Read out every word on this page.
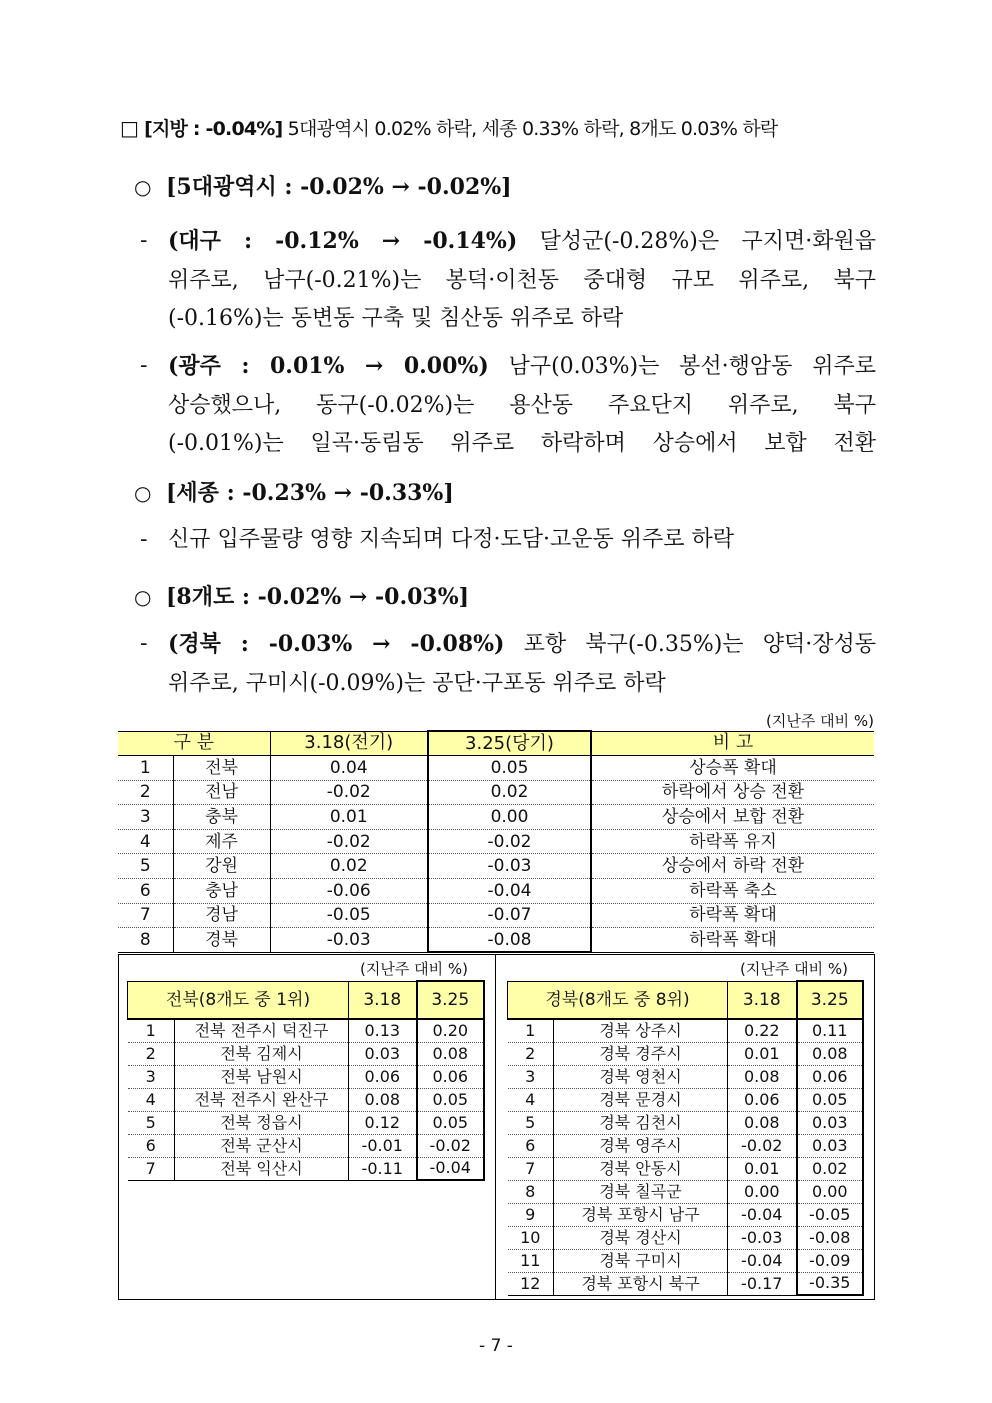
□ [지방 : -0.04%] 5대광역시 0.02% 하락, 세종 0.33% 하락, 8개도 0.03% 하락
○ [5대광역시 : -0.02% → -0.02%]
- (대구 : -0.12% → -0.14%) 달성군(-0.28%)은 구지면·화원읍
위주로, 남구(-0.21%)는 봉덕·이천동 중대형 규모 위주로, 북구
(-0.16%)는 동변동 구축 및 침산동 위주로 하락
- (광주 : 0.01% → 0.00%) 남구(0.03%)는 봉선·행암동 위주로
상승했으나, 동구(-0.02%)는 용산동 주요단지 위주로, 북구
(-0.01%)는 일곡·동림동 위주로 하락하며 상승에서 보합 전환
○ [세종 : -0.23% → -0.33%]
- 신규 입주물량 영향 지속되며 다정·도담·고운동 위주로 하락
○ [8개도 : -0.02% → -0.03%]
- (경북 : -0.03% → -0.08%) 포항 북구(-0.35%)는 양덕·장성동
위주로, 구미시(-0.09%)는 공단·구포동 위주로 하락
(지난주 대비 %)
구 분		3.18(전기)	3.25(당기)	비 고
1	전북	0.04	0.05	상승폭 확대
2	전남	-0.02	0.02	하락에서 상승 전환
3	충북	0.01	0.00	상승에서 보합 전환
4	제주	-0.02	-0.02	하락폭 유지
5	강원	0.02	-0.03	상승에서 하락 전환
6	충남	-0.06	-0.04	하락폭 축소
7	경남	-0.05	-0.07	하락폭 확대
8	경북	-0.03	-0.08	하락폭 확대
(지난주 대비 %)
전북(8개도 중 1위)		3.18	3.25
1	전북 전주시 덕진구	0.13	0.20
2	전북 김제시	0.03	0.08
3	전북 남원시	0.06	0.06
4	전북 전주시 완산구	0.08	0.05
5	전북 정읍시	0.12	0.05
6	전북 군산시	-0.01	-0.02
7	전북 익산시	-0.11	-0.04
(지난주 대비 %)
경북(8개도 중 8위)		3.18	3.25
1	경북 상주시	0.22	0.11
2	경북 경주시	0.01	0.08
3	경북 영천시	0.08	0.06
4	경북 문경시	0.06	0.05
5	경북 김천시	0.08	0.03
6	경북 영주시	-0.02	0.03
7	경북 안동시	0.01	0.02
8	경북 칠곡군	0.00	0.00
9	경북 포항시 남구	-0.04	-0.05
10	경북 경산시	-0.03	-0.08
11	경북 구미시	-0.04	-0.09
12	경북 포항시 북구	-0.17	-0.35
- 7 -
